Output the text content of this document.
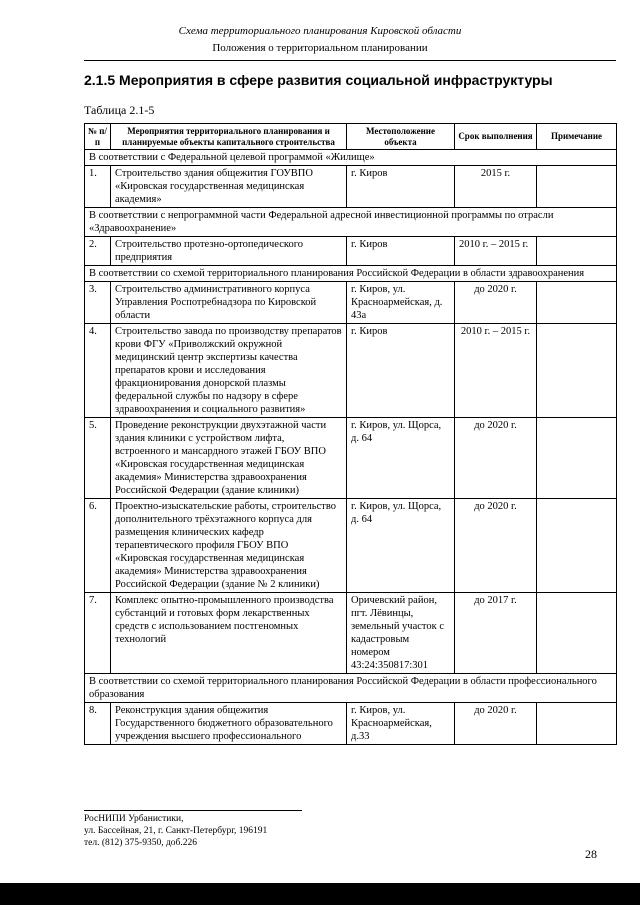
Схема территориального планирования Кировской области
Положения о территориальном планировании
2.1.5 Мероприятия в сфере развития социальной инфраструктуры
Таблица 2.1-5
№ п/п	Мероприятия территориального планирования и планируемые объекты капитального строительства	Местоположение объекта	Срок выполнения	Примечание
В соответствии с Федеральной целевой программой «Жилище»				
1.	Строительство здания общежития ГОУВПО «Кировская государственная медицинская академия»	г. Киров	2015 г.	
В соответствии с непрограммной части Федеральной адресной инвестиционной программы по отрасли «Здравоохранение»				
2.	Строительство протезно-ортопедического предприятия	г. Киров	2010 г. – 2015 г.	
В соответствии со схемой территориального планирования Российской Федерации в области здравоохранения				
3.	Строительство административного корпуса Управления Роспотребнадзора по Кировской области	г. Киров, ул. Красноармейская, д. 43а	до 2020 г.	
4.	Строительство завода по производству препаратов крови ФГУ «Приволжский окружной медицинский центр экспертизы качества препаратов крови и исследования фракционирования донорской плазмы федеральной службы по надзору в сфере здравоохранения и социального развития»	г. Киров	2010 г. – 2015 г.	
5.	Проведение реконструкции двухэтажной части здания клиники с устройством лифта, встроенного и мансардного этажей ГБОУ ВПО «Кировская государственная медицинская академия» Министерства здравоохранения Российской Федерации (здание клиники)	г. Киров, ул. Щорса, д. 64	до 2020 г.	
6.	Проектно-изыскательские работы, строительство дополнительного трёхэтажного корпуса для размещения клинических кафедр терапевтического профиля ГБОУ ВПО «Кировская государственная медицинская академия» Министерства здравоохранения Российской Федерации (здание № 2 клиники)	г. Киров, ул. Щорса, д. 64	до 2020 г.	
7.	Комплекс опытно-промышленного производства субстанций и готовых форм лекарственных средств с использованием постгеномных технологий	Оричевский район, пгт. Лёвинцы, земельный участок с кадастровым номером 43:24:350817:301	до 2017 г.	
В соответствии со схемой территориального планирования Российской Федерации в области профессионального образования				
8.	Реконструкция здания общежития Государственного бюджетного образовательного учреждения высшего профессионального	г. Киров, ул. Красноармейская, д.33	до 2020 г.	
РосНИПИ Урбанистики,
ул. Бассейная, 21, г. Санкт-Петербург, 196191
тел. (812) 375-9350, доб.226
28
